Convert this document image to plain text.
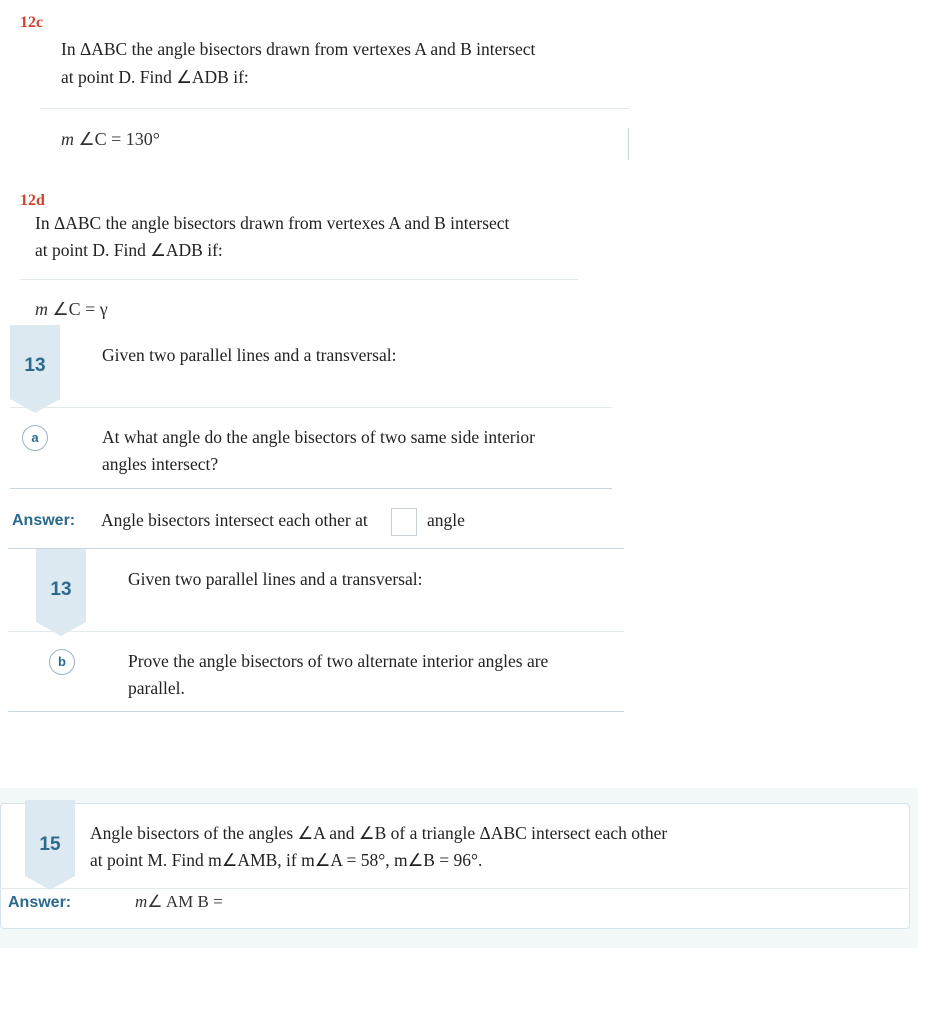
12c
In ΔABC the angle bisectors drawn from vertexes A and B intersect
at point D. Find ∠ADB if:
m ∠C = 130°
12d
In ΔABC the angle bisectors drawn from vertexes A and B intersect
at point D. Find ∠ADB if:
m ∠C = γ
13	Given two parallel lines and a transversal:
a	At what angle do the angle bisectors of two same side interior
angles intersect?
Answer: Angle bisectors intersect each other at	angle
13	Given two parallel lines and a transversal:
b	Prove the angle bisectors of two alternate interior angles are
parallel.
15
Angle bisectors of the angles ∠A and ∠B of a triangle ΔABC intersect each other
at point M. Find m∠AMB, if m∠A = 58°, m∠B = 96°.
Answer:	m∠ AM B =
